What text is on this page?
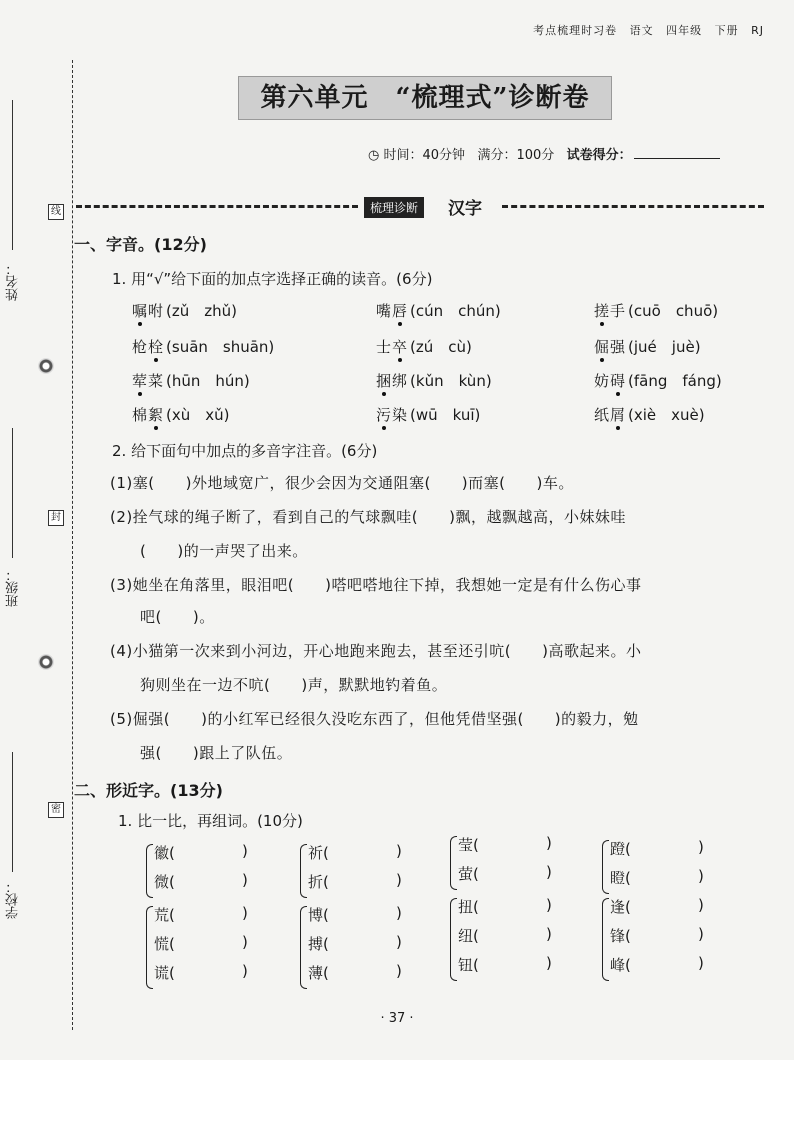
考点梳理时习卷 语文 四年级 下册 RJ
姓名：
班级：
学校：
线
封
密
第六单元　“梳理式”诊断卷
◷ 时间：40分钟 满分：100分 试卷得分：
梳理诊断	汉字
一、字音。(12分)
1. 用“√”给下面的加点字选择正确的读音。(6分)
嘱咐 (zǔ　zhǔ)	嘴唇 (cún　chún)	搓手 (cuō　chuō)
枪栓 (suān　shuān)	士卒 (zú　cù)	倔强 (jué　juè)
荤菜 (hūn　hún)	捆绑 (kǔn　kùn)	妨碍 (fāng　fáng)
棉絮 (xù　xǔ)	污染 (wū　kuī)	纸屑 (xiè　xuè)
2. 给下面句中加点的多音字注音。(6分)
(1)塞(　　)外地域宽广，很少会因为交通阻塞(　　)而塞(　　)车。
(2)拴气球的绳子断了，看到自己的气球飘哇(　　)飘，越飘越高，小妹妹哇
(　　)的一声哭了出来。
(3)她坐在角落里，眼泪吧(　　)嗒吧嗒地往下掉，我想她一定是有什么伤心事
吧(　　)。
(4)小猫第一次来到小河边，开心地跑来跑去，甚至还引吭(　　)高歌起来。小
狗则坐在一边不吭(　　)声，默默地钓着鱼。
(5)倔强(　　)的小红军已经很久没吃东西了，但他凭借坚强(　　)的毅力，勉
强(　　)跟上了队伍。
二、形近字。(13分)
1. 比一比，再组词。(10分)
徽(	)
微(	)
祈(	)
折(	)
莹(	)
萤(	)
蹬(	)
瞪(	)
荒(	)
慌(	)
谎(	)
博(	)
搏(	)
薄(	)
扭(	)
纽(	)
钮(	)
逢(	)
锋(	)
峰(	)
· 37 ·
